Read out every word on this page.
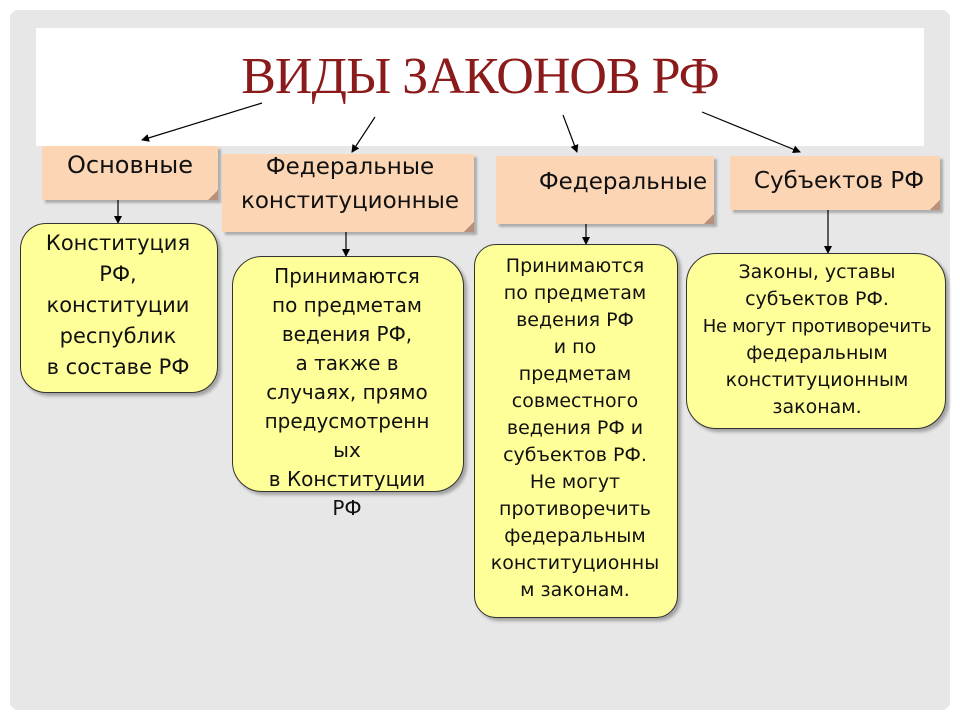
ВИДЫ ЗАКОНОВ РФ
Основные	Федеральные
конституционные
Федеральные	Субъектов РФ
Конституция
РФ,
конституции
республик
в составе РФ
Принимаются
по предметам
ведения РФ,
а также в
случаях, прямо
предусмотренн
ых
в Конституции
РФ
Принимаются
по предметам
ведения РФ
и по
предметам
совместного
ведения РФ и
субъектов РФ.
Не могут
противоречить
федеральным
конституционны
м законам.
Законы, уставы
субъектов РФ.
Не могут противоречить
федеральным
конституционным
законам.
